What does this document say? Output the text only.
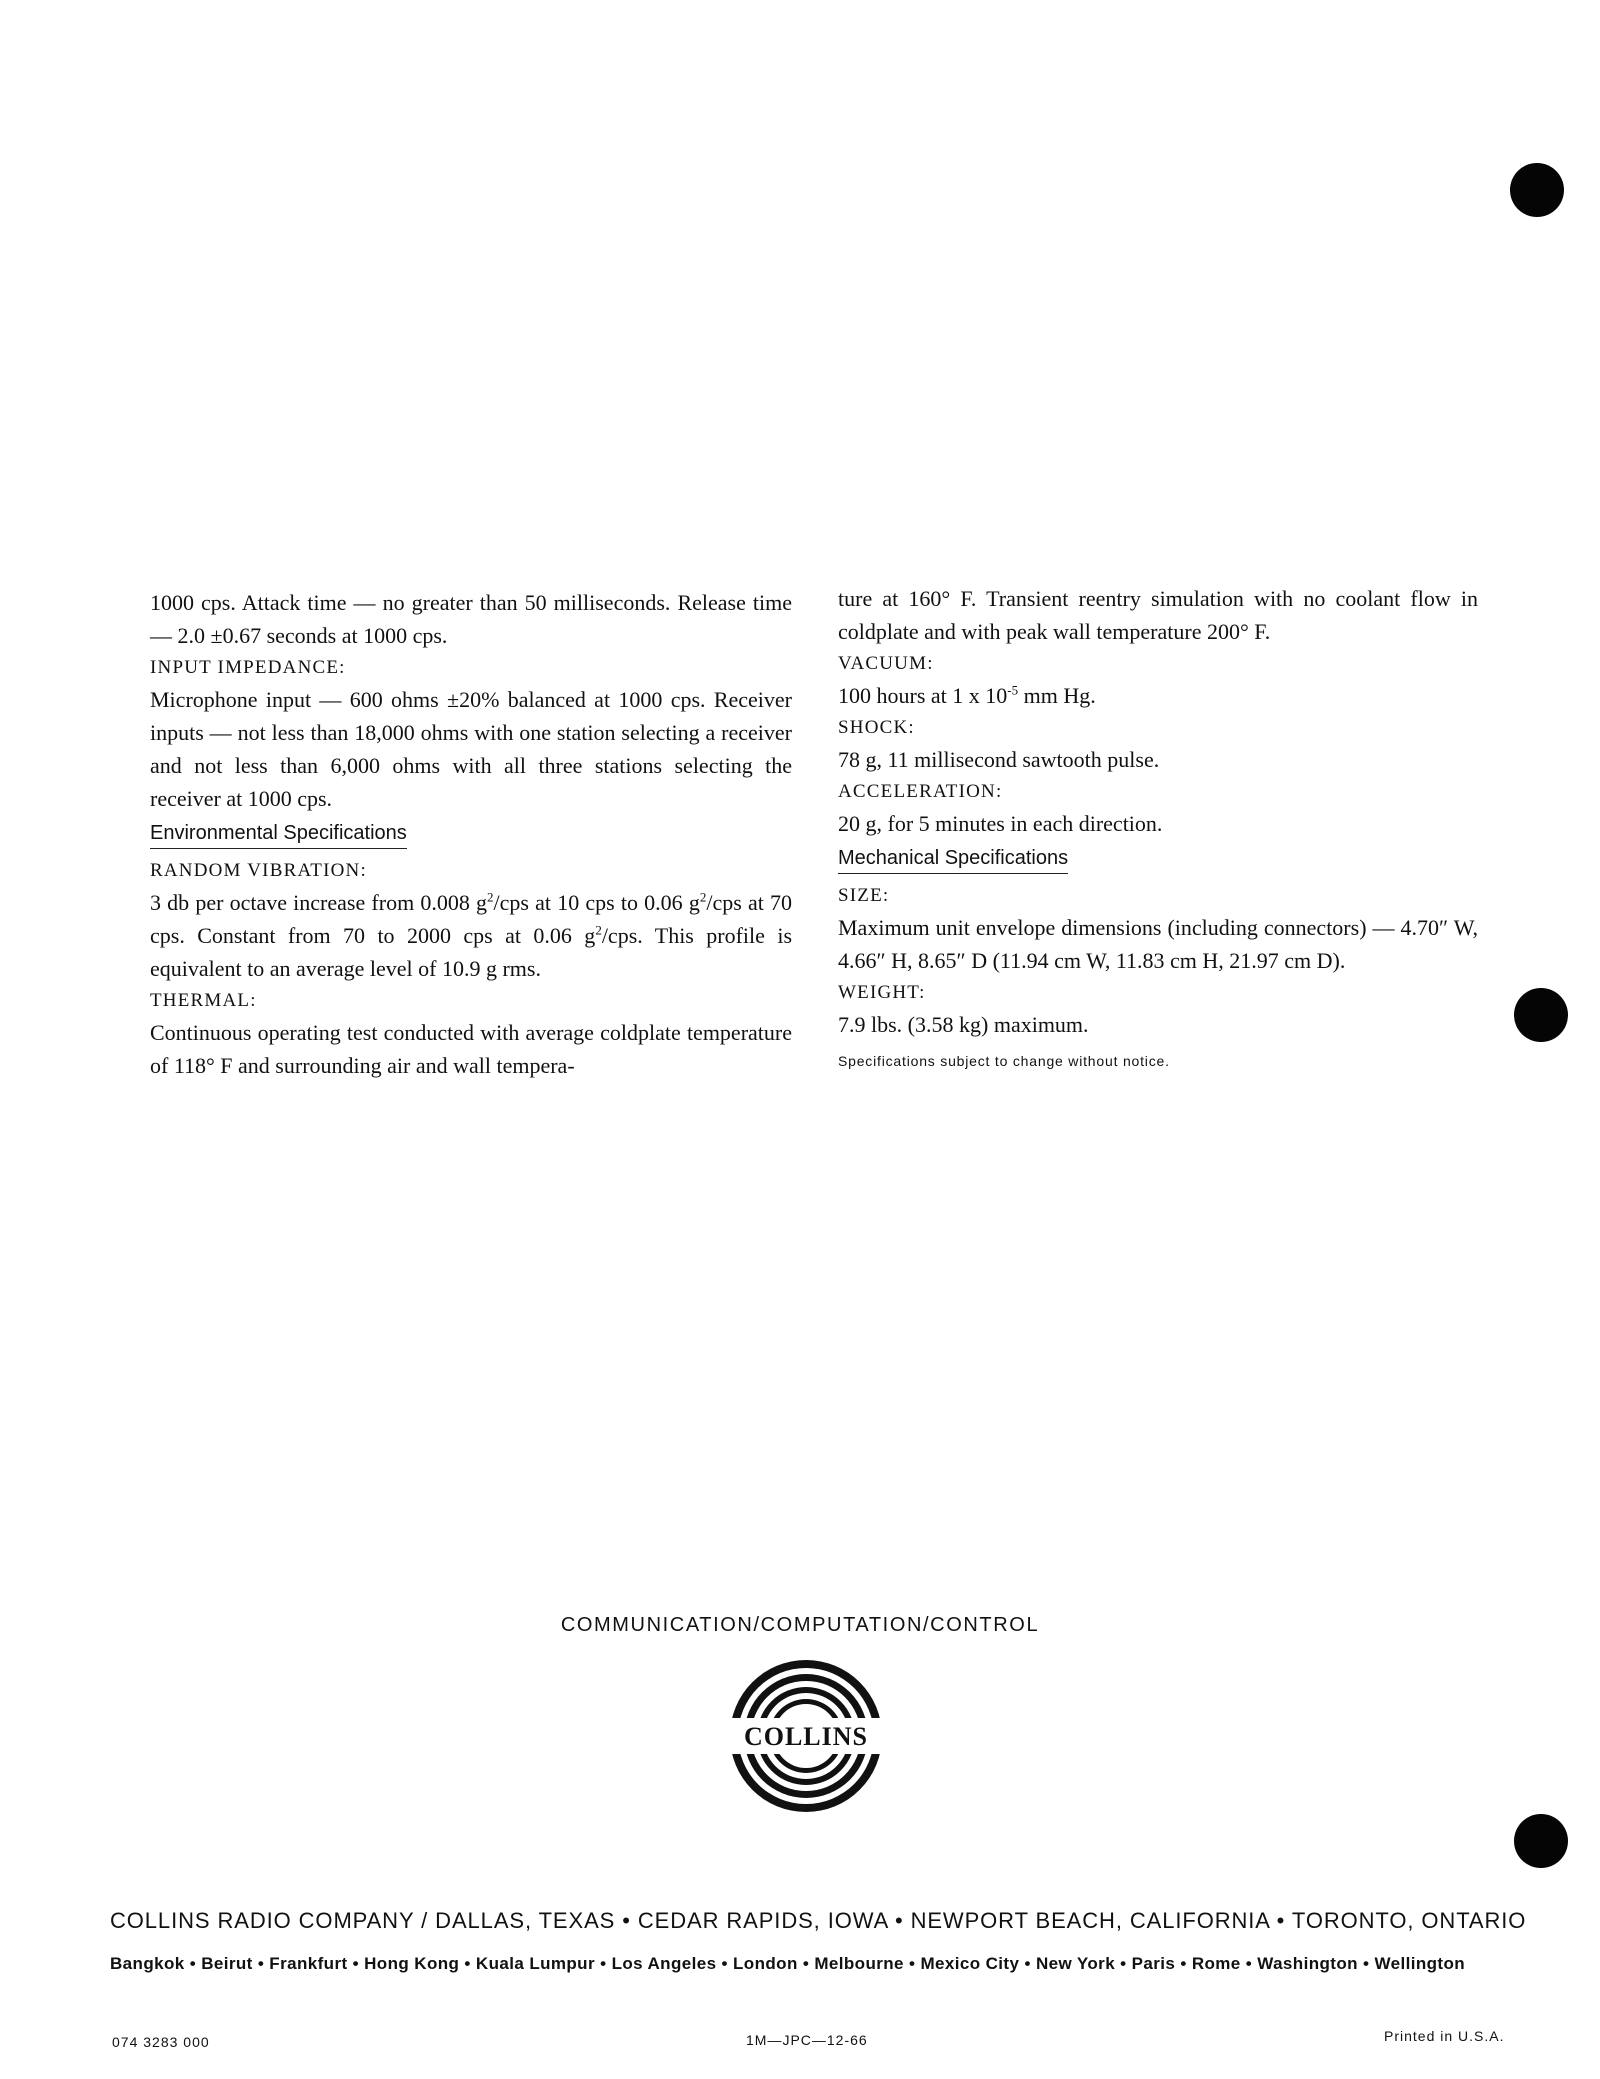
1000 cps. Attack time — no greater than 50 milliseconds. Release time — 2.0 ±0.67 seconds at 1000 cps.

INPUT IMPEDANCE:

Microphone input — 600 ohms ±20% balanced at 1000 cps. Receiver inputs — not less than 18,000 ohms with one station selecting a receiver and not less than 6,000 ohms with all three stations selecting the receiver at 1000 cps.

Environmental Specifications

RANDOM VIBRATION:

3 db per octave increase from 0.008 $g^2$/cps at 10 cps to 0.06 $g^2$/cps at 70 cps. Constant from 70 to 2000 cps at 0.06 $g^2$/cps. This profile is equivalent to an average level of 10.9 g rms.

THERMAL:

Continuous operating test conducted with average coldplate temperature of 118° F and surrounding air and wall tempera-

ture at 160° F. Transient reentry simulation with no coolant flow in coldplate and with peak wall temperature 200° F.

VACUUM:

100 hours at 1 x $10^{-5}$ mm Hg.

SHOCK:

78 g, 11 millisecond sawtooth pulse.

ACCELERATION:

20 g, for 5 minutes in each direction.

Mechanical Specifications

SIZE:

Maximum unit envelope dimensions (including connectors) — 4.70″ W, 4.66″ H, 8.65″ D (11.94 cm W, 11.83 cm H, 21.97 cm D).

WEIGHT:

7.9 lbs. (3.58 kg) maximum.

Specifications subject to change without notice.

COMMUNICATION/COMPUTATION/CONTROL
COLLINS
COLLINS RADIO COMPANY / DALLAS, TEXAS • CEDAR RAPIDS, IOWA • NEWPORT BEACH, CALIFORNIA • TORONTO, ONTARIO
Bangkok • Beirut • Frankfurt • Hong Kong • Kuala Lumpur • Los Angeles • London • Melbourne • Mexico City • New York • Paris • Rome • Washington • Wellington
074 3283 000	1M—JPC—12-66	Printed in U.S.A.
